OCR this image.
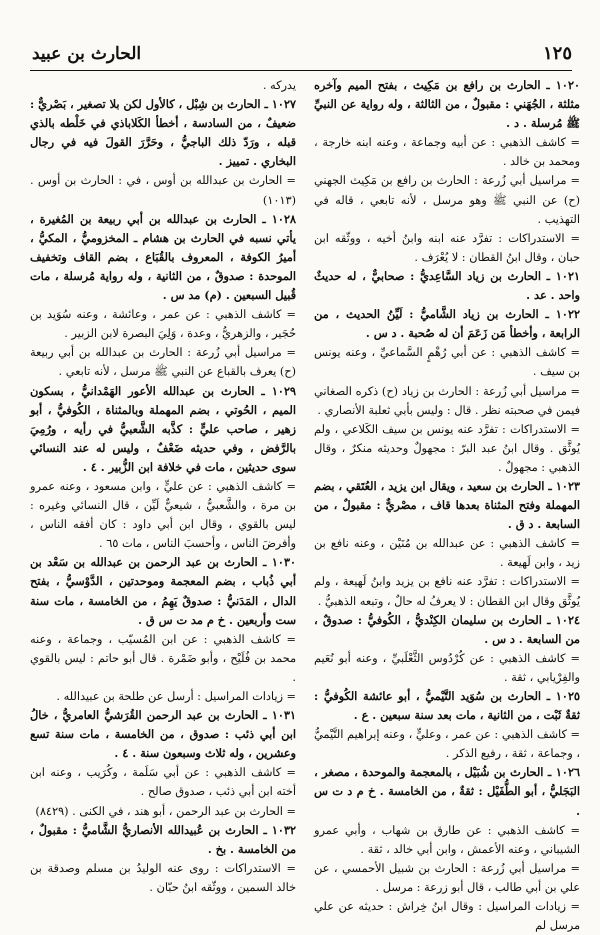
الحارث بن عبيد	١٢٥

١٠٢٠ ـ الحارث بن رافع بن مَكِيث ، بفتح الميم وآخره مثلثة ، الجُهَني : مقبولٌ ، من الثالثة ، وله رواية عن النبيِّ ﷺ مُرسلة . د .

= كاشف الذهبي : عن أبيه وجماعة ، وعنه ابنه خارجة ، ومحمد بن خالد .

= مراسيل أبي زُرعة : الحارث بن رافع بن مَكِيث الجهني (ح) عن النبي ﷺ وهو مرسل ، لأنه تابعي ، قاله في التهذيب .

= الاستدراكات : تفرَّد عنه ابنه وابنُ أخيه ، ووثّقه ابن حبان ، وقال ابنُ القطان : لا يُعْرَف .

١٠٢١ ـ الحارث بن زياد السَّاعِديُّ : صحابيٌّ ، له حديثٌ واحد . عد .

١٠٢٢ ـ الحارث بن زياد الشَّاميُّ : لَيِّنُ الحديث ، من الرابعة ، وأخطأ مَن زَعَمَ أن له صُحبة . د س .

= كاشف الذهبي : عن أبي رُهْمٍ السَّماعيِّ ، وعنه يونس بن سيف .

= مراسيل أبي زُرعة : الحارث بن زياد (ح) ذكره الصغاني فيمن في صحبته نظر . قال : وليس بأبي ثعلبة الأنصاري .

= الاستدراكات : تفرَّد عنه يونس بن سيف الكَلاعي ، ولم يُوثَّق . وقال ابنُ عبد البرّ : مجهولٌ وحديثه منكرٌ ، وقال الذهبي : مجهولٌ .

١٠٢٣ ـ الحارث بن سعيد ، ويقال ابن يزيد ، العُتَقي ، بضم المهملة وفتح المثناة بعدها قاف ، مصْريٌّ : مقبولٌ ، من السابعة . د ق .

= كاشف الذهبي : عن عبدالله بن مُنَيْن ، وعنه نافع بن زيد ، وابن لَهيعة .

= الاستدراكات : تفرَّد عنه نافع بن يزيد وابنُ لَهيعة ، ولم يُوثَّق وقال ابن القطان : لا يعرفُ له حالٌ ، وتبعه الذهبيُّ .

١٠٢٤ ـ الحارث بن سليمان الكِنْديُّ ، الكُوفيُّ : صدوقٌ ، من السابعة . د س .

= كاشف الذهبي : عن كُرْدُوس الثَّعْلَبيِّ ، وعنه أبو نُعَيم والفِرْيابي ، ثقة .

١٠٢٥ ـ الحارث بن سُوَيد التَّيْميُّ ، أبو عائشة الكُوفيُّ : ثقةٌ ثَبْت ، من الثانية ، مات بعد سنة سبعين . ع .

= كاشف الذهبي : عن عمر ، وعليٍّ ، وعنه إبراهيم التَّيْميُّ ، وجماعة ، ثقة ، رفيع الذكر .

١٠٢٦ ـ الحارث بن شُبَيْل ، بالمعجمة والموحدة ، مصغر ، البَجَليُّ ، أبو الطُّفَيْل : ثقةٌ ، من الخامسة . خ م د ت س .

= كاشف الذهبي : عن طارق بن شهاب ، وأبي عمرو الشيباني ، وعنه الأعمش ، وابن أبي خالد ، ثقة .

= مراسيل أبي زُرعة : الحارث بن شبيل الأحمسي ، عن علي بن أبي طالب ، قال أبو زرعة : مرسل .

= زيادات المراسيل : وقال ابنُ خِراش : حديثه عن علي مرسل لم

يدركه .

١٠٢٧ ـ الحارث بن شِبْل ، كالأول لكن بلا تصغير ، بَصْريٌّ : ضعيفٌ ، من السادسة ، أخطأ الكَلاباذي في خَلْطه بالذي قبله ، ورَدّ ذلك الباجيُّ ، وحَرَّرَ القولَ فيه في رجال البخاري . تمييز .

= الحارث بن عبدالله بن أوس ، في : الحارث بن أوس . (١٠١٣)

١٠٢٨ ـ الحارث بن عبدالله بن أبي ربيعة بن المُغيرة ، يأتي نسبه في الحارث بن هشام ـ المخزوميُّ ، المكيُّ ، أميرُ الكوفة ، المعروف بالقُبَاع ، بضم القاف وتخفيف الموحدة : صدوقٌ ، من الثانية ، وله رواية مُرسلة ، مات قُبيل السبعين . (م) مد س .

= كاشف الذهبي : عن عمر ، وعائشة ، وعنه سُوَيد بن حُجَير ، والزهريُّ ، وعدة ، وَلِيَ البصرة لابن الزبير .

= مراسيل أبي زُرعة : الحارث بن عبدالله بن أبي ربيعة (ح) يعرف بالقباع عن النبي ﷺ مرسل ، لأنه تابعي .

١٠٢٩ ـ الحارث بن عبدالله الأعور الهَمْدانيُّ ، بسكون الميم ، الحُوتي ، بضم المهملة وبالمثناة ، الكُوفيُّ ، أبو زهير ، صاحب عليٍّ : كذَّبه الشَّعبيُّ في رأيه ، ورُمِيَ بالرَّفض ، وفي حديثه ضَعْفٌ ، وليس له عند النسائي سوى حديثين ، مات في خلافة ابن الزُّبير . ٤ .

= كاشف الذهبي : عن عليٍّ ، وابن مسعود ، وعنه عمرو بن مرة ، والشَّعبيُّ ، شيعيٌّ لَيِّن ، قال النسائي وغيره : ليس بالقوي ، وقال ابن أبي داود : كان أفقه الناس ، وأفرضَ الناس ، وأحسبَ الناس ، مات ٦٥ .

١٠٣٠ ـ الحارث بن عبد الرحمن بن عبدالله بن سَعْد بن أبي ذُباب ، بضم المعجمة وموحدتين ، الدَّوْسيُّ ، بفتح الدال ، المَدَنيُّ : صدوقٌ يَهِمُ ، من الخامسة ، مات سنة ست وأربعين . خ م مد ت س ق .

= كاشف الذهبي : عن ابن المُسيّب ، وجماعة ، وعنه محمد بن فُلَيْح ، وأبو ضَمْرة . قال أبو حاتم : ليس بالقوي .

= زيادات المراسيل : أرسل عن طلحة بن عبيدالله .

١٠٣١ ـ الحارث بن عبد الرحمن القُرَشيُّ العامريُّ ، خالُ ابن أبي ذئب : صدوق ، من الخامسة ، مات سنة تسع وعشرين ، وله ثلاث وسبعون سنة . ٤ .

= كاشف الذهبي : عن أبي سَلَمة ، وكُرَيب ، وعنه ابن أخته ابن أبي ذئب ، صدوق صالح .

= الحارث بن عبد الرحمن ، أبو هند ، في الكنى . (٨٤٢٩)

١٠٣٢ ـ الحارث بن عُبيدالله الأنصاريُّ الشَّاميُّ : مقبولٌ ، من الخامسة . بخ .

= الاستدراكات : روى عنه الوليدُ بن مسلم وصدقة بن خالد السمين ، ووثّقه ابنُ حبّان .
